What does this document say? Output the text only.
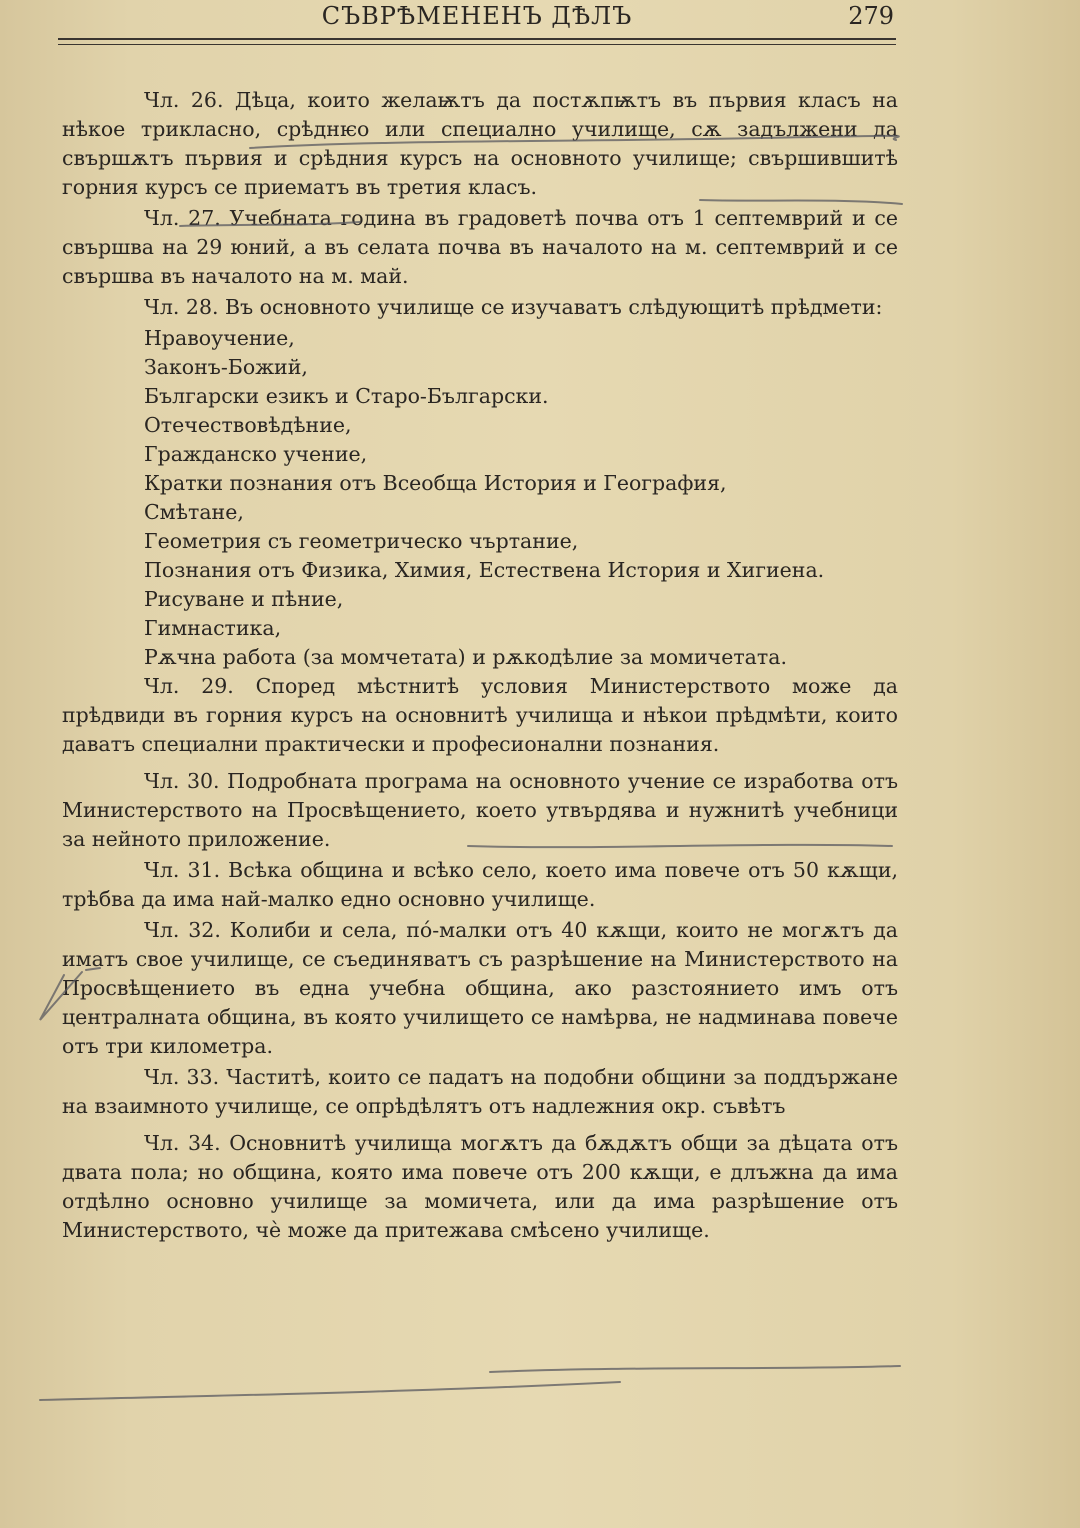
СЪВРѢМЕНЕНЪ ДѢЛЪ	279

Чл. 26. Дѣца, които желаѭтъ да постѫпѭтъ въ първия класъ на нѣкое трикласно, срѣднѥо или специално училище, сѫ задължени да свършѫтъ първия и срѣдния курсъ на основното училище; свършившитѣ горния курсъ се приематъ въ третия класъ.

Чл. 27. Учебната година въ градоветѣ почва отъ 1 септемврий и се свършва на 29 юний, а въ селата почва въ началото на м. септемврий и се свършва въ началото на м. май.

Чл. 28. Въ основното училище се изучаватъ слѣдующитѣ прѣдмети:

Нравоучение,

Законъ-Божий,

Български езикъ и Старо-Български.

Отечествовѣдѣние,

Гражданско учение,

Кратки познания отъ Всеобща История и География,

Смѣтане,

Геометрия съ геометрическо чъртание,

Познания отъ Физика, Химия, Естествена История и Хигиена.

Рисуване и пѣние,

Гимнастика,

Рѫчна работа (за момчетата) и рѫкодѣлие за момичетата.

Чл. 29. Според мѣстнитѣ условия Министерството може да прѣдвиди въ горния курсъ на основнитѣ училища и нѣкои прѣдмѣти, които даватъ специални практически и професионални познания.

Чл. 30. Подробната програма на основното учение се изработва отъ Министерството на Просвѣщението, което утвърдява и нужнитѣ учебници за нейното приложение.

Чл. 31. Всѣка община и всѣко село, което има повече отъ 50 кѫщи, трѣбва да има най-малко едно основно училище.

Чл. 32. Колиби и села, пó-малки отъ 40 кѫщи, които не могѫтъ да иматъ свое училище, се съединяватъ съ разрѣшение на Министерството на Просвѣщението въ една учебна община, ако разстоянието имъ отъ централната община, въ която училището се намѣрва, не надминава повече отъ три километра.

Чл. 33. Частитѣ, които се падатъ на подобни общини за поддържане на взаимното училище, се опрѣдѣлятъ отъ надлежния окр. съвѣтъ

Чл. 34. Основнитѣ училища могѫтъ да бѫдѫтъ общи за дѣцата отъ двата пола; но община, която има повече отъ 200 кѫщи, е длъжна да има отдѣлно основно училище за момичета, или да има разрѣшение отъ Министерството, чѐ може да притежава смѣсено училище.
